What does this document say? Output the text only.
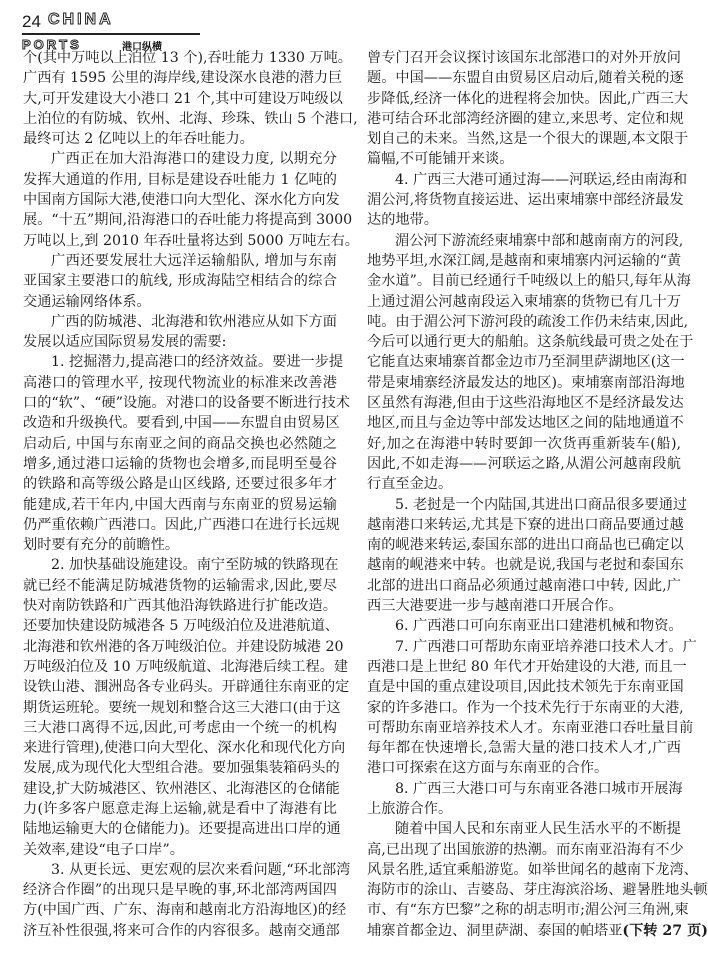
24 CHINA
PORTS	港口纵横
个(其中万吨以上泊位 13 个),吞吐能力 1330 万吨。
广西有 1595 公里的海岸线,建设深水良港的潜力巨
大,可开发建设大小港口 21 个,其中可建设万吨级以
上泊位的有防城、钦州、北海、珍珠、铁山 5 个港口,
最终可达 2 亿吨以上的年吞吐能力。
广西正在加大沿海港口的建设力度, 以期充分
发挥大通道的作用, 目标是建设吞吐能力 1 亿吨的
中国南方国际大港,使港口向大型化、深水化方向发
展。“十五”期间,沿海港口的吞吐能力将提高到 3000
万吨以上,到 2010 年吞吐量将达到 5000 万吨左右。
广西还要发展壮大远洋运输船队, 增加与东南
亚国家主要港口的航线, 形成海陆空相结合的综合
交通运输网络体系。
广西的防城港、北海港和钦州港应从如下方面
发展以适应国际贸易发展的需要:
1. 挖掘潜力,提高港口的经济效益。要进一步提
高港口的管理水平, 按现代物流业的标准来改善港
口的“软”、“硬”设施。对港口的设备要不断进行技术
改造和升级换代。要看到,中国——东盟自由贸易区
启动后, 中国与东南亚之间的商品交换也必然随之
增多,通过港口运输的货物也会增多,而昆明至曼谷
的铁路和高等级公路是山区线路, 还要过很多年才
能建成,若干年内,中国大西南与东南亚的贸易运输
仍严重依赖广西港口。因此,广西港口在进行长远规
划时要有充分的前瞻性。
2. 加快基础设施建设。南宁至防城的铁路现在
就已经不能满足防城港货物的运输需求,因此,要尽
快对南防铁路和广西其他沿海铁路进行扩能改造。
还要加快建设防城港各 5 万吨级泊位及进港航道、
北海港和钦州港的各万吨级泊位。并建设防城港 20
万吨级泊位及 10 万吨级航道、北海港后续工程。建
设铁山港、涠洲岛各专业码头。开辟通往东南亚的定
期货运班轮。要统一规划和整合这三大港口(由于这
三大港口离得不远,因此,可考虑由一个统一的机构
来进行管理),使港口向大型化、深水化和现代化方向
发展,成为现代化大型组合港。要加强集装箱码头的
建设,扩大防城港区、钦州港区、北海港区的仓储能
力(许多客户愿意走海上运输,就是看中了海港有比
陆地运输更大的仓储能力)。还要提高进出口岸的通
关效率,建设“电子口岸”。
3. 从更长远、更宏观的层次来看问题,“环北部湾
经济合作圈”的出现只是早晚的事,环北部湾两国四
方(中国广西、广东、海南和越南北方沿海地区)的经
济互补性很强,将来可合作的内容很多。越南交通部
曾专门召开会议探讨该国东北部港口的对外开放问
题。中国——东盟自由贸易区启动后,随着关税的逐
步降低,经济一体化的进程将会加快。因此,广西三大
港可结合环北部湾经济圈的建立,来思考、定位和规
划自己的未来。当然,这是一个很大的课题,本文限于
篇幅,不可能铺开来谈。
4. 广西三大港可通过海——河联运,经由南海和
湄公河,将货物直接运进、运出柬埔寨中部经济最发
达的地带。
湄公河下游流经柬埔寨中部和越南南方的河段,
地势平坦,水深江阔,是越南和柬埔寨内河运输的“黄
金水道”。目前已经通行千吨级以上的船只,每年从海
上通过湄公河越南段运入柬埔寨的货物已有几十万
吨。由于湄公河下游河段的疏浚工作仍未结束,因此,
今后可以通行更大的船舶。这条航线最可贵之处在于
它能直达柬埔寨首都金边市乃至洞里萨湖地区(这一
带是柬埔寨经济最发达的地区)。柬埔寨南部沿海地
区虽然有海港,但由于这些沿海地区不是经济最发达
地区,而且与金边等中部发达地区之间的陆地通道不
好,加之在海港中转时要卸一次货再重新装车(船),
因此,不如走海——河联运之路,从湄公河越南段航
行直至金边。
5. 老挝是一个内陆国,其进出口商品很多要通过
越南港口来转运,尤其是下寮的进出口商品要通过越
南的岘港来转运,泰国东部的进出口商品也已确定以
越南的岘港来中转。也就是说,我国与老挝和泰国东
北部的进出口商品必须通过越南港口中转, 因此,广
西三大港要进一步与越南港口开展合作。
6. 广西港口可向东南亚出口建港机械和物资。
7. 广西港口可帮助东南亚培养港口技术人才。广
西港口是上世纪 80 年代才开始建设的大港, 而且一
直是中国的重点建设项目,因此技术领先于东南亚国
家的许多港口。作为一个技术先行于东南亚的大港,
可帮助东南亚培养技术人才。东南亚港口吞吐量目前
每年都在快速增长,急需大量的港口技术人才,广西
港口可探索在这方面与东南亚的合作。
8. 广西三大港口可与东南亚各港口城市开展海
上旅游合作。
随着中国人民和东南亚人民生活水平的不断提
高,已出现了出国旅游的热潮。而东南亚沿海有不少
风景名胜,适宜乘船游览。如举世闻名的越南下龙湾、
海防市的涂山、吉婆岛、芽庄海滨浴场、避暑胜地头顿
市、有“东方巴黎”之称的胡志明市;湄公河三角洲,柬
埔寨首都金边、洞里萨湖、泰国的帕塔亚(下转 27 页)
